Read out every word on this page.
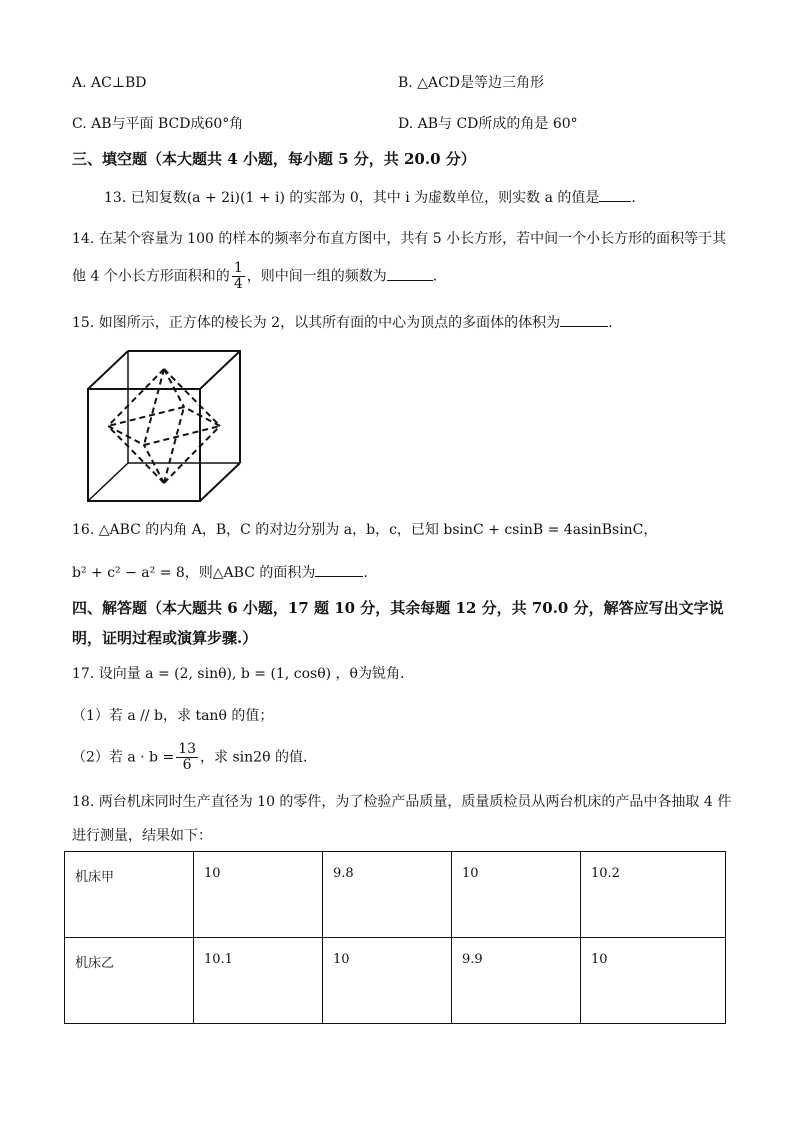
A. AC⊥BD	B. △ACD是等边三角形
C. AB与平面 BCD成60°角	D. AB与 CD所成的角是 60°
三、填空题（本大题共 4 小题，每小题 5 分，共 20.0 分）
13. 已知复数(a + 2i)(1 + i) 的实部为 0，其中 i 为虚数单位，则实数 a 的值是 .
14. 在某个容量为 100 的样本的频率分布直方图中，共有 5 小长方形，若中间一个小长方形的面积等于其
他 4 个小长方形面积和的 $\frac{1}{4}$ ，则中间一组的频数为	.
15. 如图所示，正方体的棱长为 2，以其所有面的中心为顶点的多面体的体积为	.
16. △ABC 的内角 A，B，C 的对边分别为 a，b，c，已知 bsinC + csinB = 4asinBsinC，
b² + c² − a² = 8，则△ABC 的面积为	.
四、解答题（本大题共 6 小题，17 题 10 分，其余每题 12 分，共 70.0 分，解答应写出文字说
明，证明过程或演算步骤.）
17. 设向量 a = (2, sinθ), b = (1, cosθ) ，θ为锐角.
（1）若 a // b，求 tanθ 的值；
（2）若 $a \cdot b = \frac{13}{6}$ ，求 sin2θ 的值.
18. 两台机床同时生产直径为 10 的零件，为了检验产品质量，质量质检员从两台机床的产品中各抽取 4 件
进行测量，结果如下：
机床甲	10	9.8	10	10.2
机床乙	10.1	10	9.9	10
